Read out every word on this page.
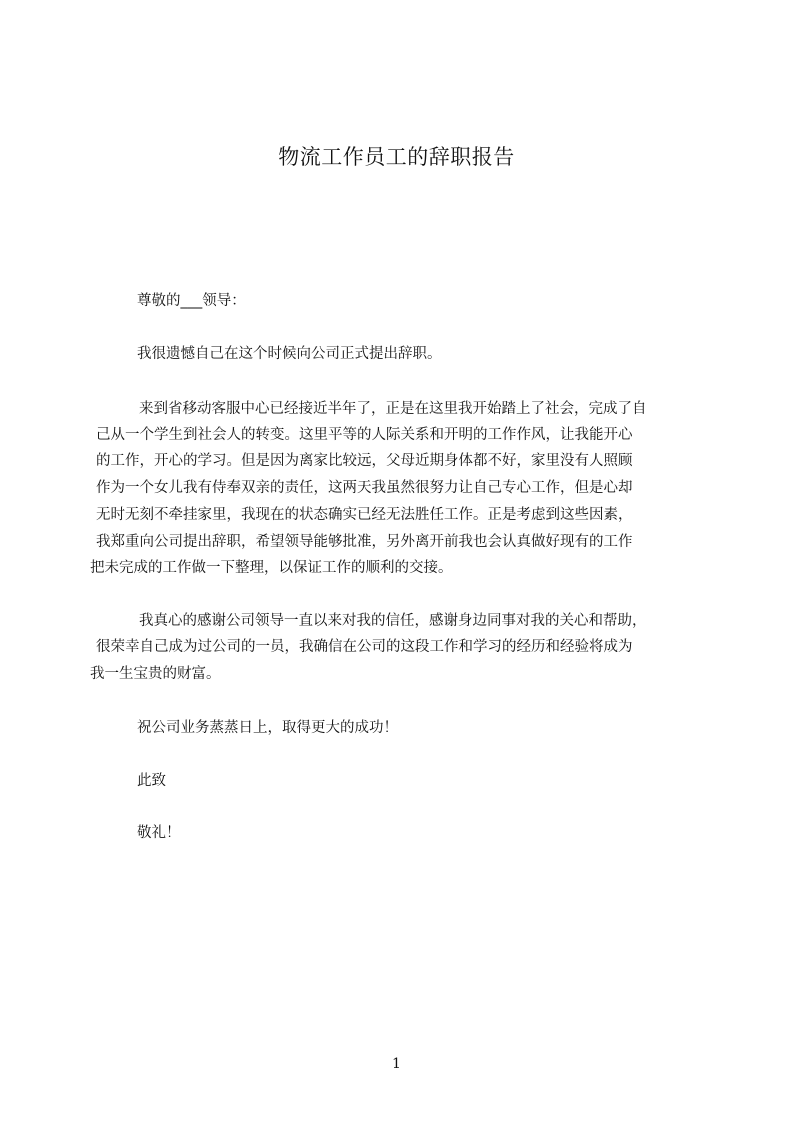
物流工作员工的辞职报告
尊敬的___领导：
我很遗憾自己在这个时候向公司正式提出辞职。
来到省移动客服中心已经接近半年了，正是在这里我开始踏上了社会，完成了自
己从一个学生到社会人的转变。这里平等的人际关系和开明的工作作风，让我能开心
的工作，开心的学习。但是因为离家比较远，父母近期身体都不好，家里没有人照顾
作为一个女儿我有侍奉双亲的责任，这两天我虽然很努力让自己专心工作，但是心却
无时无刻不牵挂家里，我现在的状态确实已经无法胜任工作。正是考虑到这些因素，
我郑重向公司提出辞职，希望领导能够批准，另外离开前我也会认真做好现有的工作
把未完成的工作做一下整理，以保证工作的顺利的交接。
我真心的感谢公司领导一直以来对我的信任，感谢身边同事对我的关心和帮助，
很荣幸自己成为过公司的一员，我确信在公司的这段工作和学习的经历和经验将成为
我一生宝贵的财富。
祝公司业务蒸蒸日上，取得更大的成功！
此致
敬礼！
1
